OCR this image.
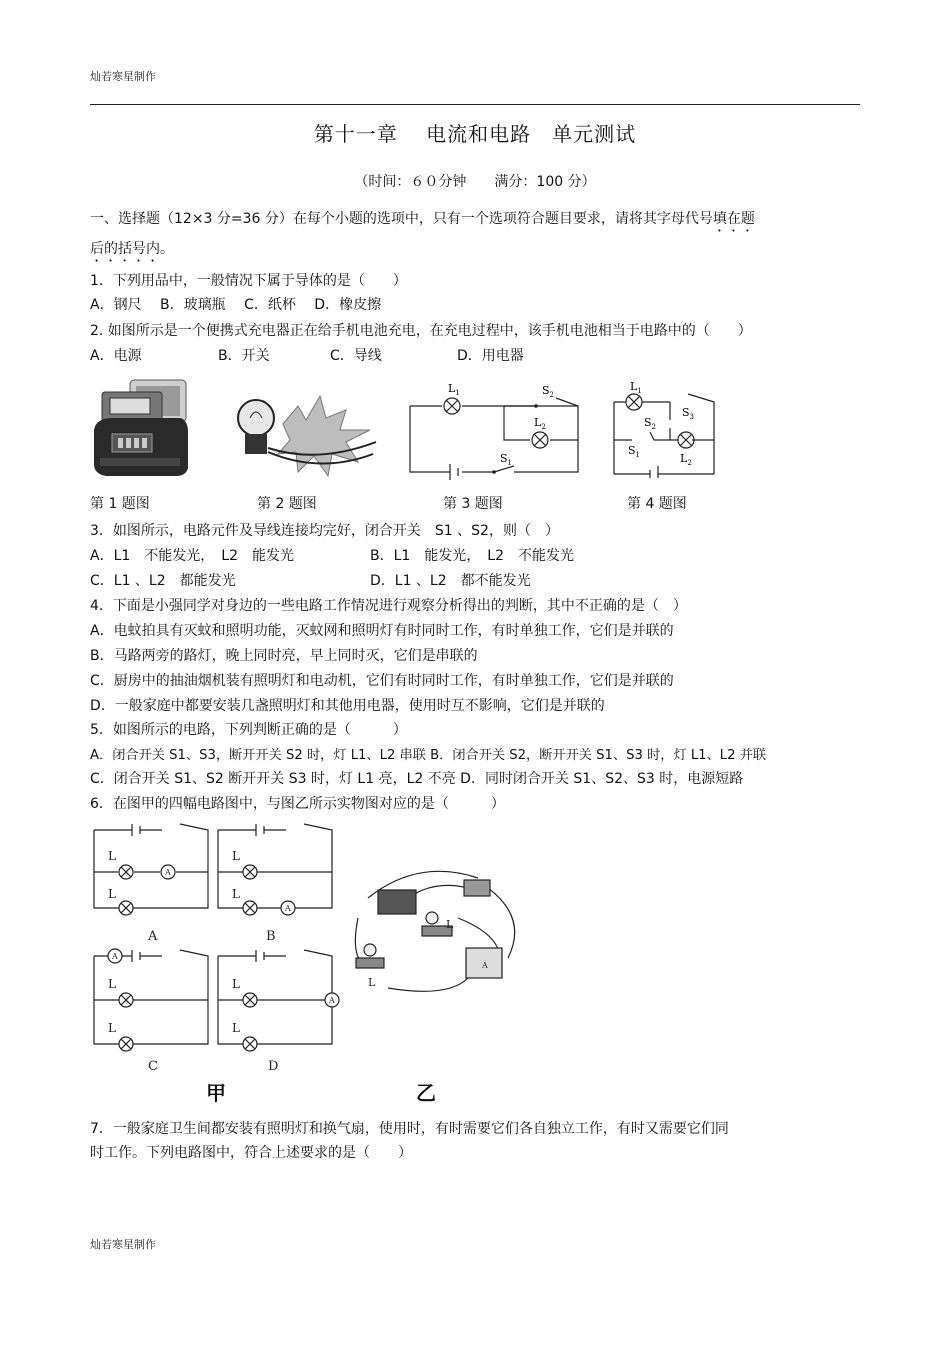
灿若寒星制作
灿若寒星制作
第十一章　 电流和电路　单元测试
（时间：６０分钟　　满分：100 分）
一、选择题（12×3 分=36 分）在每个小题的选项中，只有一个选项符合题目要求，请将其字母代号填在题
后的括号内。
1．下列用品中，一般情况下属于导体的是（　　）
A．钢尺　 B．玻璃瓶　 C．纸杯　 D．橡皮擦
2. 如图所示是一个便携式充电器正在给手机电池充电，在充电过程中，该手机电池相当于电路中的（　　）
A．电源	B．开关	C．导线	D．用电器
$L_1$	$S_2$
$L_2$
$S_1$
$L_1$
$S_3$
$S_2$
$S_1$	$L_2$
第 1 题图	第 2 题图	第 3 题图	第 4 题图
3．如图所示，电路元件及导线连接均完好，闭合开关　S1 、S2，则（　）
A．L1　不能发光，　L2　能发光	B．L1　能发光，　L2　不能发光
C．L1 、L2　都能发光	D．L1 、L2　都不能发光
4．下面是小强同学对身边的一些电路工作情况进行观察分析得出的判断，其中不正确的是（　）
A．电蚊拍具有灭蚊和照明功能，灭蚊网和照明灯有时同时工作，有时单独工作，它们是并联的
B．马路两旁的路灯，晚上同时亮，早上同时灭，它们是串联的
C．厨房中的抽油烟机装有照明灯和电动机，它们有时同时工作，有时单独工作，它们是并联的
D．一般家庭中都要安装几盏照明灯和其他用电器，使用时互不影响，它们是并联的
5．如图所示的电路，下列判断正确的是（　　　）
A．闭合开关 S1、S3，断开开关 S2 时，灯 L1、L2 串联 B．闭合开关 S2，断开开关 S1、S3 时，灯 L1、L2 并联
C．闭合开关 S1、S2 断开开关 S3 时，灯 L1 亮，L2 不亮 D．同时闭合开关 S1、S2、S3 时，电源短路
6．在图甲的四幅电路图中，与图乙所示实物图对应的是（　　　）
A
A
A
A
L
L
L
L
L
L
L
L
A	B
C	D
甲	乙
A
L
L
7．一般家庭卫生间都安装有照明灯和换气扇，使用时，有时需要它们各自独立工作，有时又需要它们同
时工作。下列电路图中，符合上述要求的是（　　）
